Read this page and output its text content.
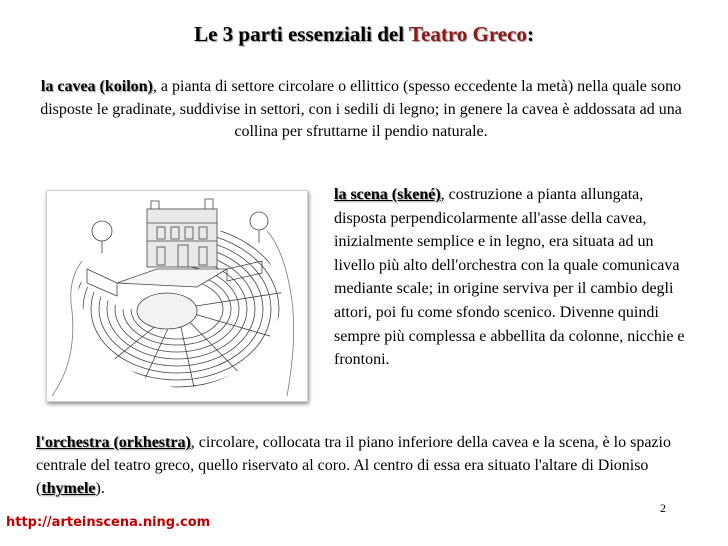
Le 3 parti essenziali del Teatro Greco:
la cavea (koilon), a pianta di settore circolare o ellittico (spesso eccedente la metà) nella quale sono disposte le gradinate, suddivise in settori, con i sedili di legno; in genere la cavea è addossata ad una collina per sfruttarne il pendio naturale.
la scena (skené), costruzione a pianta allungata, disposta perpendicolarmente all'asse della cavea, inizialmente semplice e in legno, era situata ad un livello più alto dell'orchestra con la quale comunicava mediante scale; in origine serviva per il cambio degli attori, poi fu come sfondo scenico. Divenne quindi sempre più complessa e abbellita da colonne, nicchie e frontoni.
l'orchestra (orkhestra), circolare, collocata tra il piano inferiore della cavea e la scena, è lo spazio centrale del teatro greco, quello riservato al coro. Al centro di essa era situato l'altare di Dioniso (thymele).
2
http://arteinscena.ning.com
